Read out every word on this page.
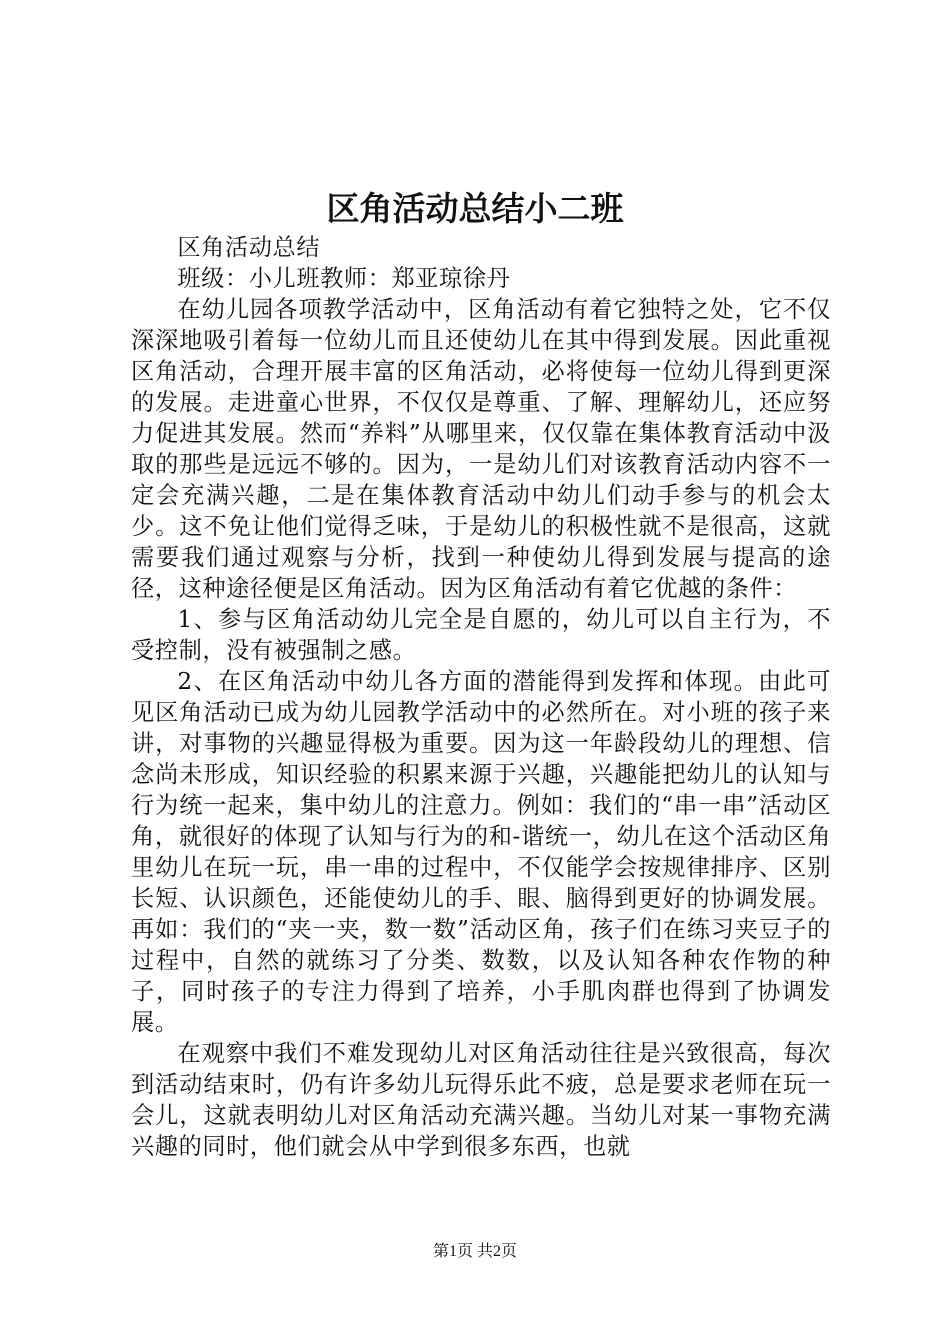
区角活动总结小二班

区角活动总结

班级：小儿班教师：郑亚琼徐丹

在幼儿园各项教学活动中，区角活动有着它独特之处，它不仅深深地吸引着每一位幼儿而且还使幼儿在其中得到发展。因此重视区角活动，合理开展丰富的区角活动，必将使每一位幼儿得到更深的发展。走进童心世界，不仅仅是尊重、了解、理解幼儿，还应努力促进其发展。然而“养料”从哪里来，仅仅靠在集体教育活动中汲取的那些是远远不够的。因为，一是幼儿们对该教育活动内容不一定会充满兴趣，二是在集体教育活动中幼儿们动手参与的机会太少。这不免让他们觉得乏味，于是幼儿的积极性就不是很高，这就需要我们通过观察与分析，找到一种使幼儿得到发展与提高的途径，这种途径便是区角活动。因为区角活动有着它优越的条件：

1、参与区角活动幼儿完全是自愿的，幼儿可以自主行为，不受控制，没有被强制之感。

2、在区角活动中幼儿各方面的潜能得到发挥和体现。由此可见区角活动已成为幼儿园教学活动中的必然所在。对小班的孩子来讲，对事物的兴趣显得极为重要。因为这一年龄段幼儿的理想、信念尚未形成，知识经验的积累来源于兴趣，兴趣能把幼儿的认知与行为统一起来，集中幼儿的注意力。例如：我们的“串一串”活动区角，就很好的体现了认知与行为的和-谐统一，幼儿在这个活动区角里幼儿在玩一玩，串一串的过程中，不仅能学会按规律排序、区别长短、认识颜色，还能使幼儿的手、眼、脑得到更好的协调发展。再如：我们的“夹一夹，数一数”活动区角，孩子们在练习夹豆子的过程中，自然的就练习了分类、数数，以及认知各种农作物的种子，同时孩子的专注力得到了培养，小手肌肉群也得到了协调发展。

在观察中我们不难发现幼儿对区角活动往往是兴致很高，每次到活动结束时，仍有许多幼儿玩得乐此不疲，总是要求老师在玩一会儿，这就表明幼儿对区角活动充满兴趣。当幼儿对某一事物充满兴趣的同时，他们就会从中学到很多东西，也就

第1页 共2页
